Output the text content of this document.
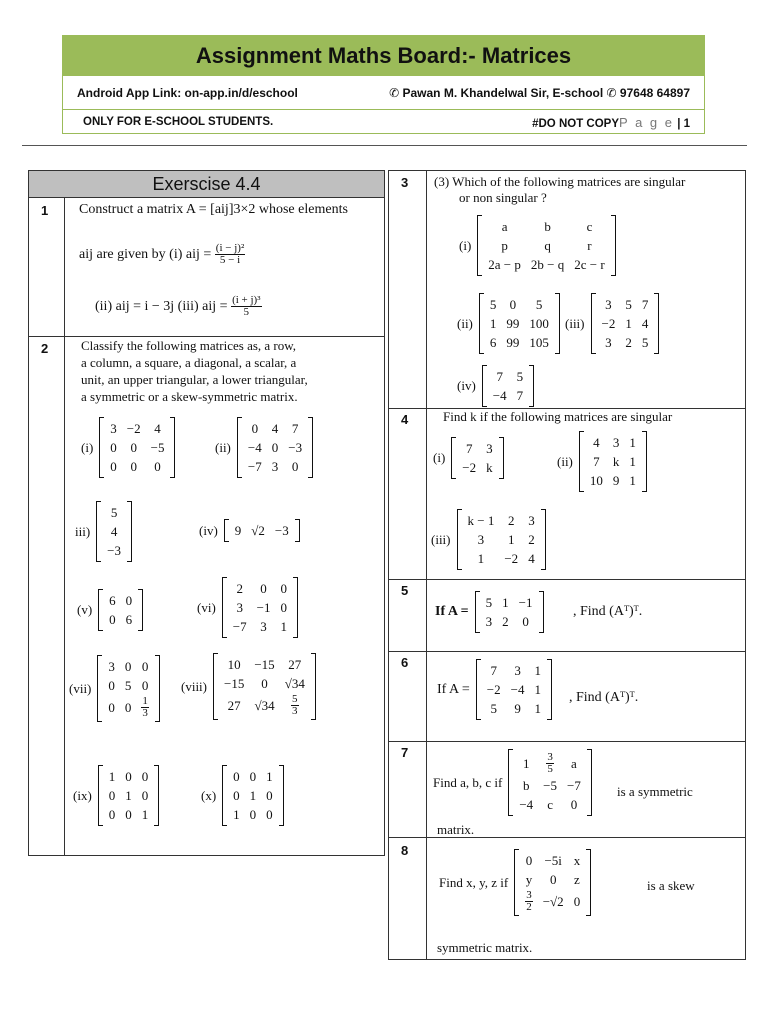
Assignment Maths Board:- Matrices
Android App Link: on-app.in/d/eschool	✆ Pawan M. Khandelwal Sir, E-school ✆ 97648 64897
ONLY FOR E-SCHOOL STUDENTS.	#DO NOT COPYP a g e | 1
Exerscise 4.4
1 Construct a matrix A = [aij]3×2 whose elements
aij are given by (i) aij =
$\frac{\text{(i − j)²}}{5 - i}$
(ii) aij = i − 3j (iii) aij =
$\frac{\text{(i + j)³}}{5}$
2	Classify the following matrices as, a row,
a column, a square, a diagonal, a scalar, a
unit, an upper triangular, a lower triangular,
a symmetric or a skew-symmetric matrix.
(i)
3	−2	4
0	0	−5
0	0	0
(ii)
0	4	7
−4	0	−3
−7	3	0
iii)
5
4
−3
(iv) 9	√2	−3
(v)
6	0
0	6
(vi)
2	0	0
3	−1	0
−7	3	1
(vii)
3	0	0
0	5	0
0	0	$\frac{1}{3}$
(viii)
10	−15	27
−15	0	√34
27	√34	$\frac{5}{3}$
(ix)
1	0	0
0	1	0
0	0	1
(x)
0	0	1
0	1	0
1	0	0
3 (3) Which of the following matrices are singular
or non singular ?
(i)
a	b	c
p	q	r
2a − p	2b − q	2c − r
(ii)
5	0	5
1	99	100
6	99	105
(iii)
3	5	7
−2	1	4
3	2	5
(iv)
7	5
−4	7
4	Find k if the following matrices are singular
(i)
7	3
−2	k	(ii)
4	3	1
7	k	1
10	9	1
(iii)
k − 1	2	3
3	1	2
1	−2	4
5
If A =
5	1	−1
3	2	0
, Find (Aᵀ)ᵀ.
6
If A =
7	3	1
−2	−4	1
5	9	1
, Find (Aᵀ)ᵀ.
7
Find a, b, c if
1	$\frac{3}{5}$	a
b	−5	−7
−4	c	0
is a symmetric
matrix.
8
Find x, y, z if
0	−5i	x
y	0	z

$\frac{3}{2}$	−√2	0
is a skew
symmetric matrix.
